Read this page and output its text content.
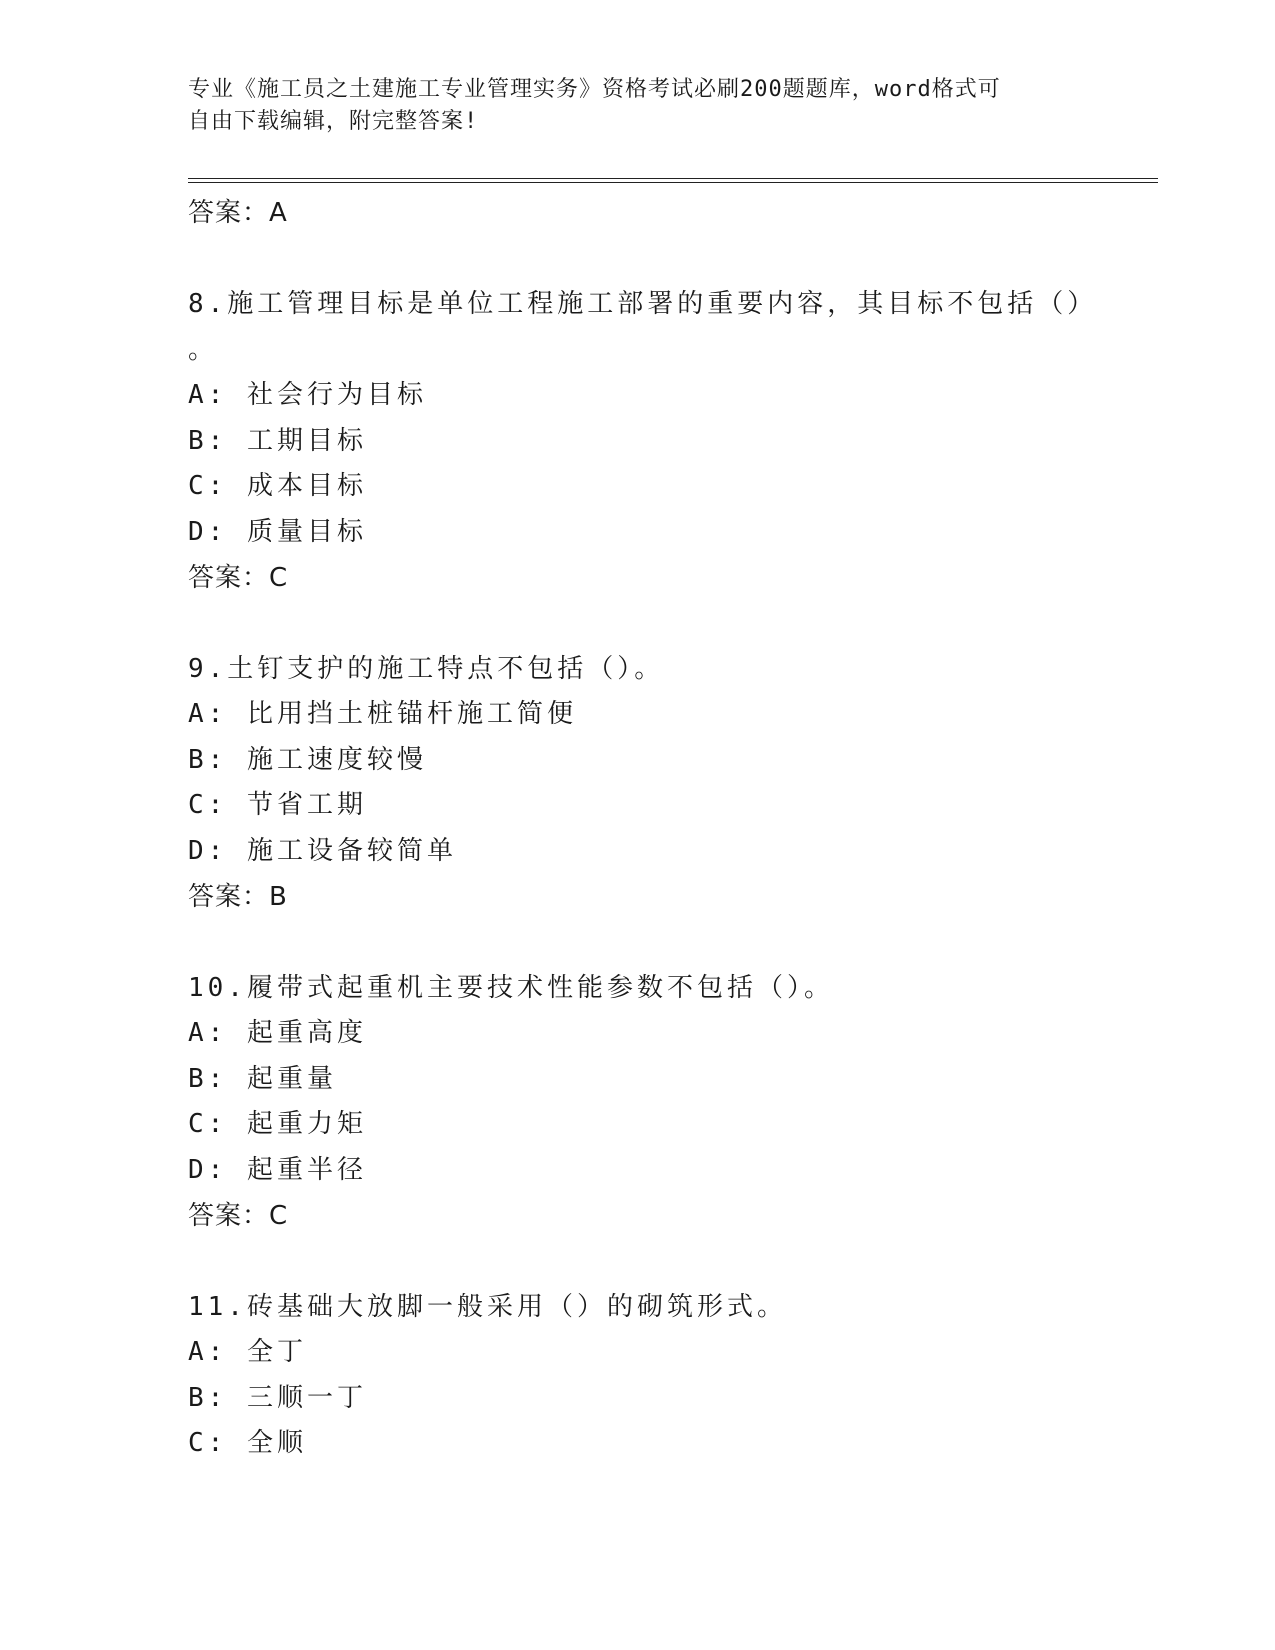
专业《施工员之土建施工专业管理实务》资格考试必刷200题题库，word格式可
自由下载编辑，附完整答案!
答案：A
8.施工管理目标是单位工程施工部署的重要内容，其目标不包括（）
。
A: 社会行为目标
B: 工期目标
C: 成本目标
D: 质量目标
答案：C
9.土钉支护的施工特点不包括（）。
A: 比用挡土桩锚杆施工简便
B: 施工速度较慢
C: 节省工期
D: 施工设备较简单
答案：B
10.履带式起重机主要技术性能参数不包括（）。
A: 起重高度
B: 起重量
C: 起重力矩
D: 起重半径
答案：C
11.砖基础大放脚一般采用（）的砌筑形式。
A: 全丁
B: 三顺一丁
C: 全顺
